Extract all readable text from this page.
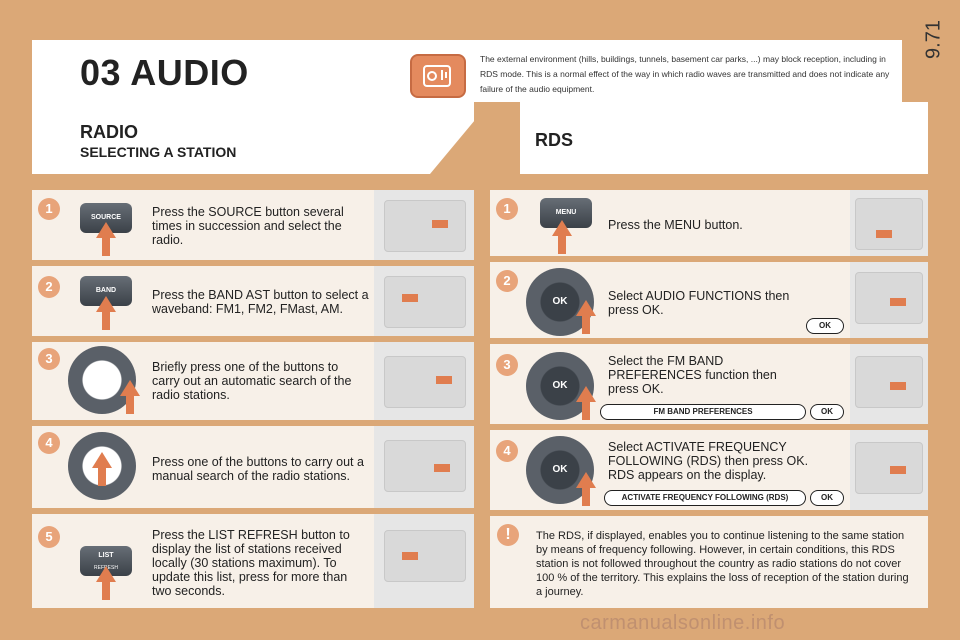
9.71
03 AUDIO	The external environment (hills, buildings, tunnels, basement car parks, ...) may block reception, including in RDS mode. This is a normal effect of the way in which radio waves are transmitted and does not indicate any failure of the audio equipment.
RADIO
SELECTING A STATION
RDS
1
SOURCE	Press the SOURCE button several times in succession and select the radio.
2	BAND	Press the BAND AST button to select a waveband: FM1, FM2, FMast, AM.
3
Briefly press one of the buttons to carry out an automatic search of the radio stations.
4
Press one of the buttons to carry out a manual search of the radio stations.
5
LIST
REFRESH
Press the LIST REFRESH button to display the list of stations received locally (30 stations maximum). To update this list, press for more than two seconds.
1	MENU
Press the MENU button.
2
OK	Select AUDIO FUNCTIONS then press OK.
OK
3
OK
Select the FM BAND PREFERENCES function then press OK.
FM BAND PREFERENCES	OK
4
OK
Select ACTIVATE FREQUENCY FOLLOWING (RDS) then press OK. RDS appears on the display.
ACTIVATE FREQUENCY FOLLOWING (RDS)	OK
!	The RDS, if displayed, enables you to continue listening to the same station by means of frequency following. However, in certain conditions, this RDS station is not followed throughout the country as radio stations do not cover 100 % of the territory. This explains the loss of reception of the station during a journey.
carmanualsonline.info
